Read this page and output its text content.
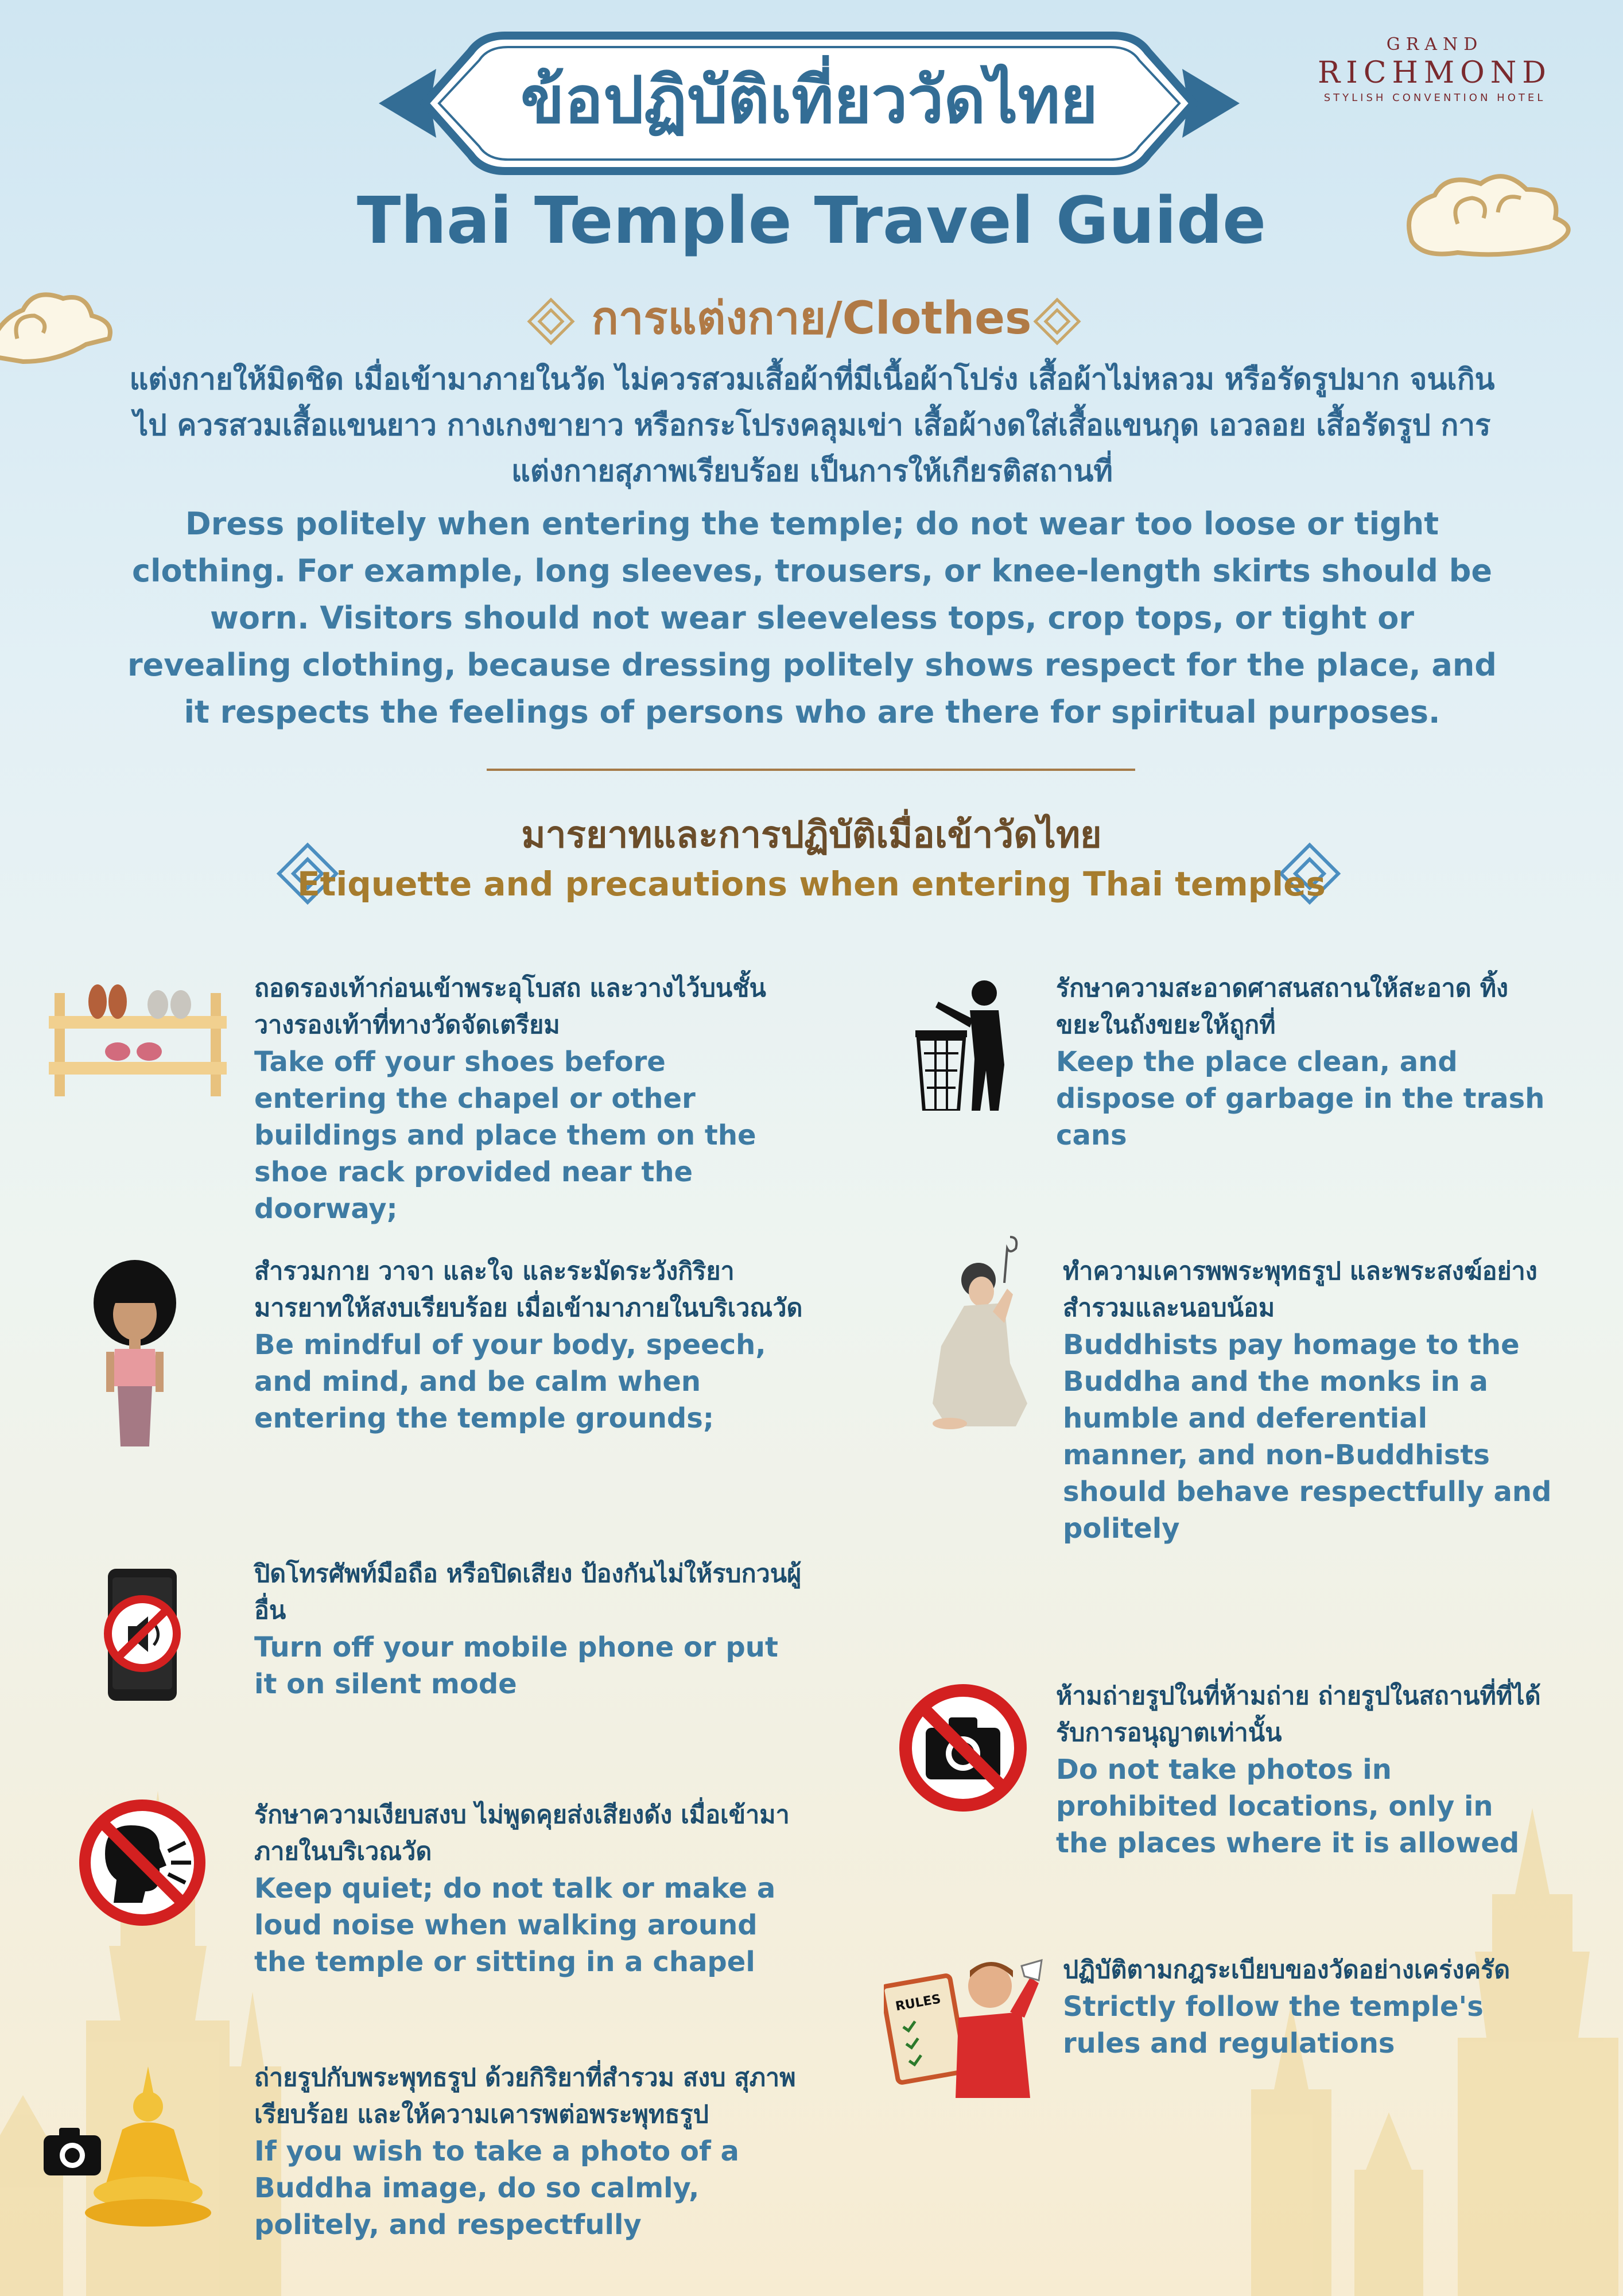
ข้อปฏิบัติเที่ยววัดไทย
Thai Temple Travel Guide
GRAND
RICHMOND
STYLISH CONVENTION HOTEL
การแต่งกาย/Clothes
แต่งกายให้มิดชิด เมื่อเข้ามาภายในวัด ไม่ควรสวมเสื้อผ้าที่มีเนื้อผ้าโปร่ง เสื้อผ้าไม่หลวม หรือรัดรูปมาก จนเกินไป ควรสวมเสื้อแขนยาว กางเกงขายาว หรือกระโปรงคลุมเข่า เสื้อผ้างดใส่เสื้อแขนกุด เอวลอย เสื้อรัดรูป การแต่งกายสุภาพเรียบร้อย เป็นการให้เกียรติสถานที่
Dress politely when entering the temple; do not wear too loose or tight clothing. For example, long sleeves, trousers, or knee-length skirts should be worn. Visitors should not wear sleeveless tops, crop tops, or tight or revealing clothing, because dressing politely shows respect for the place, and it respects the feelings of persons who are there for spiritual purposes.
มารยาทและการปฏิบัติเมื่อเข้าวัดไทย
Etiquette and precautions when entering Thai temples
ถอดรองเท้าก่อนเข้าพระอุโบสถ และวางไว้บนชั้นวางรองเท้าที่ทางวัดจัดเตรียม
Take off your shoes before entering the chapel or other buildings and place them on the shoe rack provided near the doorway;
รักษาความสะอาดศาสนสถานให้สะอาด ทิ้งขยะในถังขยะให้ถูกที่
Keep the place clean, and dispose of garbage in the trash cans
สำรวมกาย วาจา และใจ และระมัดระวังกิริยามารยาทให้สงบเรียบร้อย เมื่อเข้ามาภายในบริเวณวัด
Be mindful of your body, speech, and mind, and be calm when entering the temple grounds;
ทำความเคารพพระพุทธรูป และพระสงฆ์อย่างสำรวมและนอบน้อม
Buddhists pay homage to the Buddha and the monks in a humble and deferential manner, and non-Buddhists should behave respectfully and politely
ปิดโทรศัพท์มือถือ หรือปิดเสียง ป้องกันไม่ให้รบกวนผู้อื่น
Turn off your mobile phone or put it on silent mode	ห้ามถ่ายรูปในที่ห้ามถ่าย ถ่ายรูปในสถานที่ที่ได้รับการอนุญาตเท่านั้น
Do not take photos in prohibited locations, only in the places where it is allowed
รักษาความเงียบสงบ ไม่พูดคุยส่งเสียงดัง เมื่อเข้ามาภายในบริเวณวัด
Keep quiet; do not talk or make a loud noise when walking around the temple or sitting in a chapel
RULES
ปฏิบัติตามกฎระเบียบของวัดอย่างเคร่งครัด
Strictly follow the temple's rules and regulations
ถ่ายรูปกับพระพุทธรูป ด้วยกิริยาที่สำรวม สงบ สุภาพเรียบร้อย และให้ความเคารพต่อพระพุทธรูป
If you wish to take a photo of a Buddha image, do so calmly, politely, and respectfully
